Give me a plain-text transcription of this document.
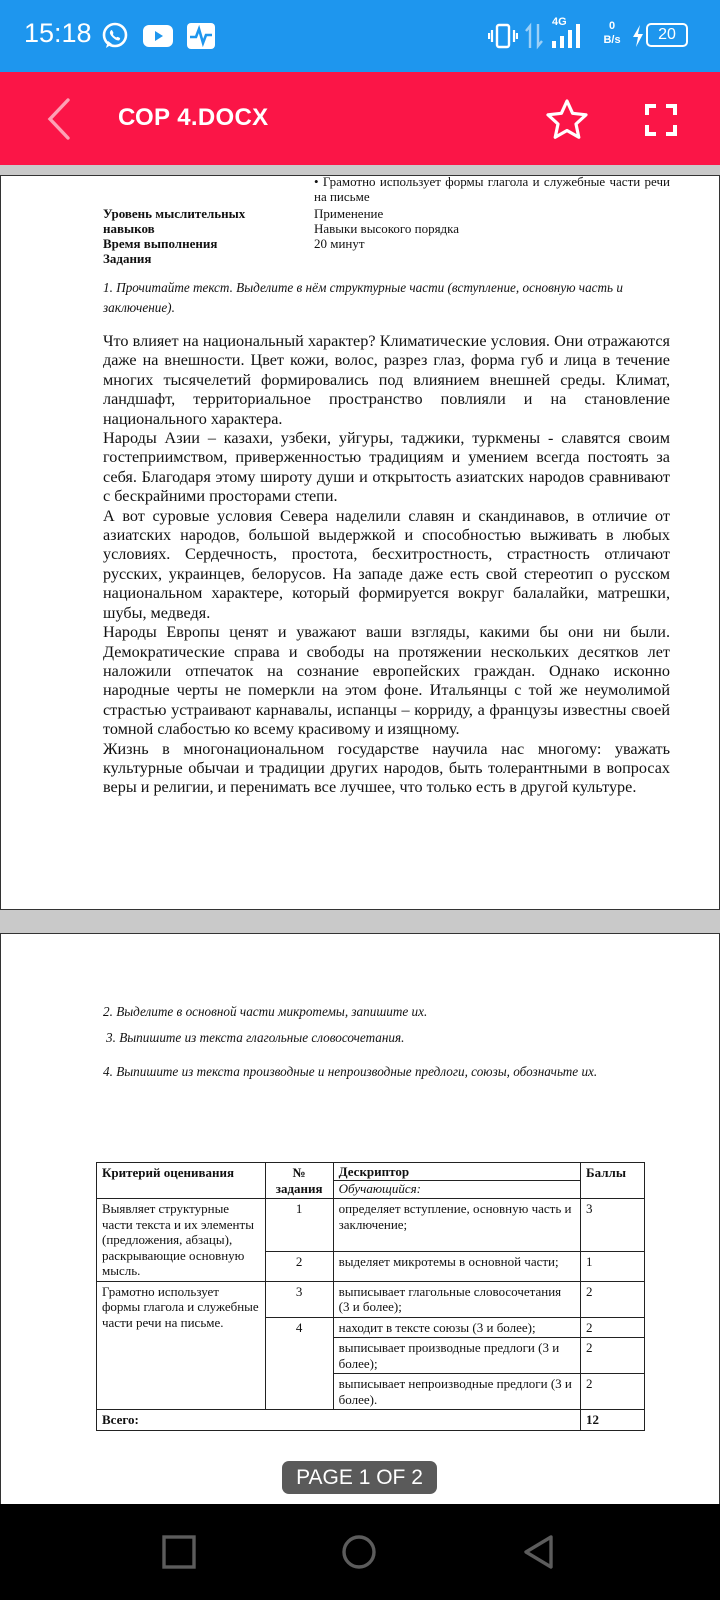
15:18	4G	0
B/s	20
СОР 4.DOCX
• Грамотно использует формы глагола и служебные части речи на письме
Уровень мыслительных навыков
Применение
Навыки высокого порядка
Время выполнения	20 минут
Задания
1. Прочитайте текст. Выделите в нём структурные части (вступление, основную часть и заключение).

Что влияет на национальный характер? Климатические условия. Они отражаются даже на внешности. Цвет кожи, волос, разрез глаз, форма губ и лица в течение многих тысячелетий формировались под влиянием внешней среды. Климат, ландшафт, территориальное пространство повлияли и на становление национального характера.

Народы Азии – казахи, узбеки, уйгуры, таджики, туркмены - славятся своим гостеприимством, приверженностью традициям и умением всегда постоять за себя. Благодаря этому широту души и открытость азиатских народов сравнивают с бескрайними просторами степи.

А вот суровые условия Севера наделили славян и скандинавов, в отличие от азиатских народов, большой выдержкой и способностью выживать в любых условиях. Сердечность, простота, бесхитростность, страстность отличают русских, украинцев, белорусов. На западе даже есть свой стереотип о русском национальном характере, который формируется вокруг балалайки, матрешки, шубы, медведя.

Народы Европы ценят и уважают ваши взгляды, какими бы они ни были. Демократические справа и свободы на протяжении нескольких десятков лет наложили отпечаток на сознание европейских граждан. Однако исконно народные черты не померкли на этом фоне. Итальянцы с той же неумолимой страстью устраивают карнавалы, испанцы – корриду, а французы известны своей томной слабостью ко всему красивому и изящному.

Жизнь в многонациональном государстве научила нас многому: уважать культурные обычаи и традиции других народов, быть толерантными в вопросах веры и религии, и перенимать все лучшее, что только есть в другой культуре.

2. Выделите в основной части микротемы, запишите их.
3. Выпишите из текста глагольные словосочетания.
4. Выпишите из текста производные и непроизводные предлоги, союзы, обозначьте их.
Критерий оценивания	№ задания	Дескриптор	Баллы
		Обучающийся:	
Выявляет структурные части текста и их элементы (предложения, абзацы), раскрывающие основную мысль.	1	определяет вступление, основную часть и заключение;	3
	2	выделяет микротемы в основной части;	1
Грамотно использует формы глагола и служебные части речи на письме.	3	выписывает глагольные словосочетания (3 и более);	2
	4	находит в тексте союзы (3 и более);	2
		выписывает производные предлоги (3 и более);	2
		выписывает непроизводные предлоги (3 и более).	2
Всего:			12
PAGE 1 OF 2
